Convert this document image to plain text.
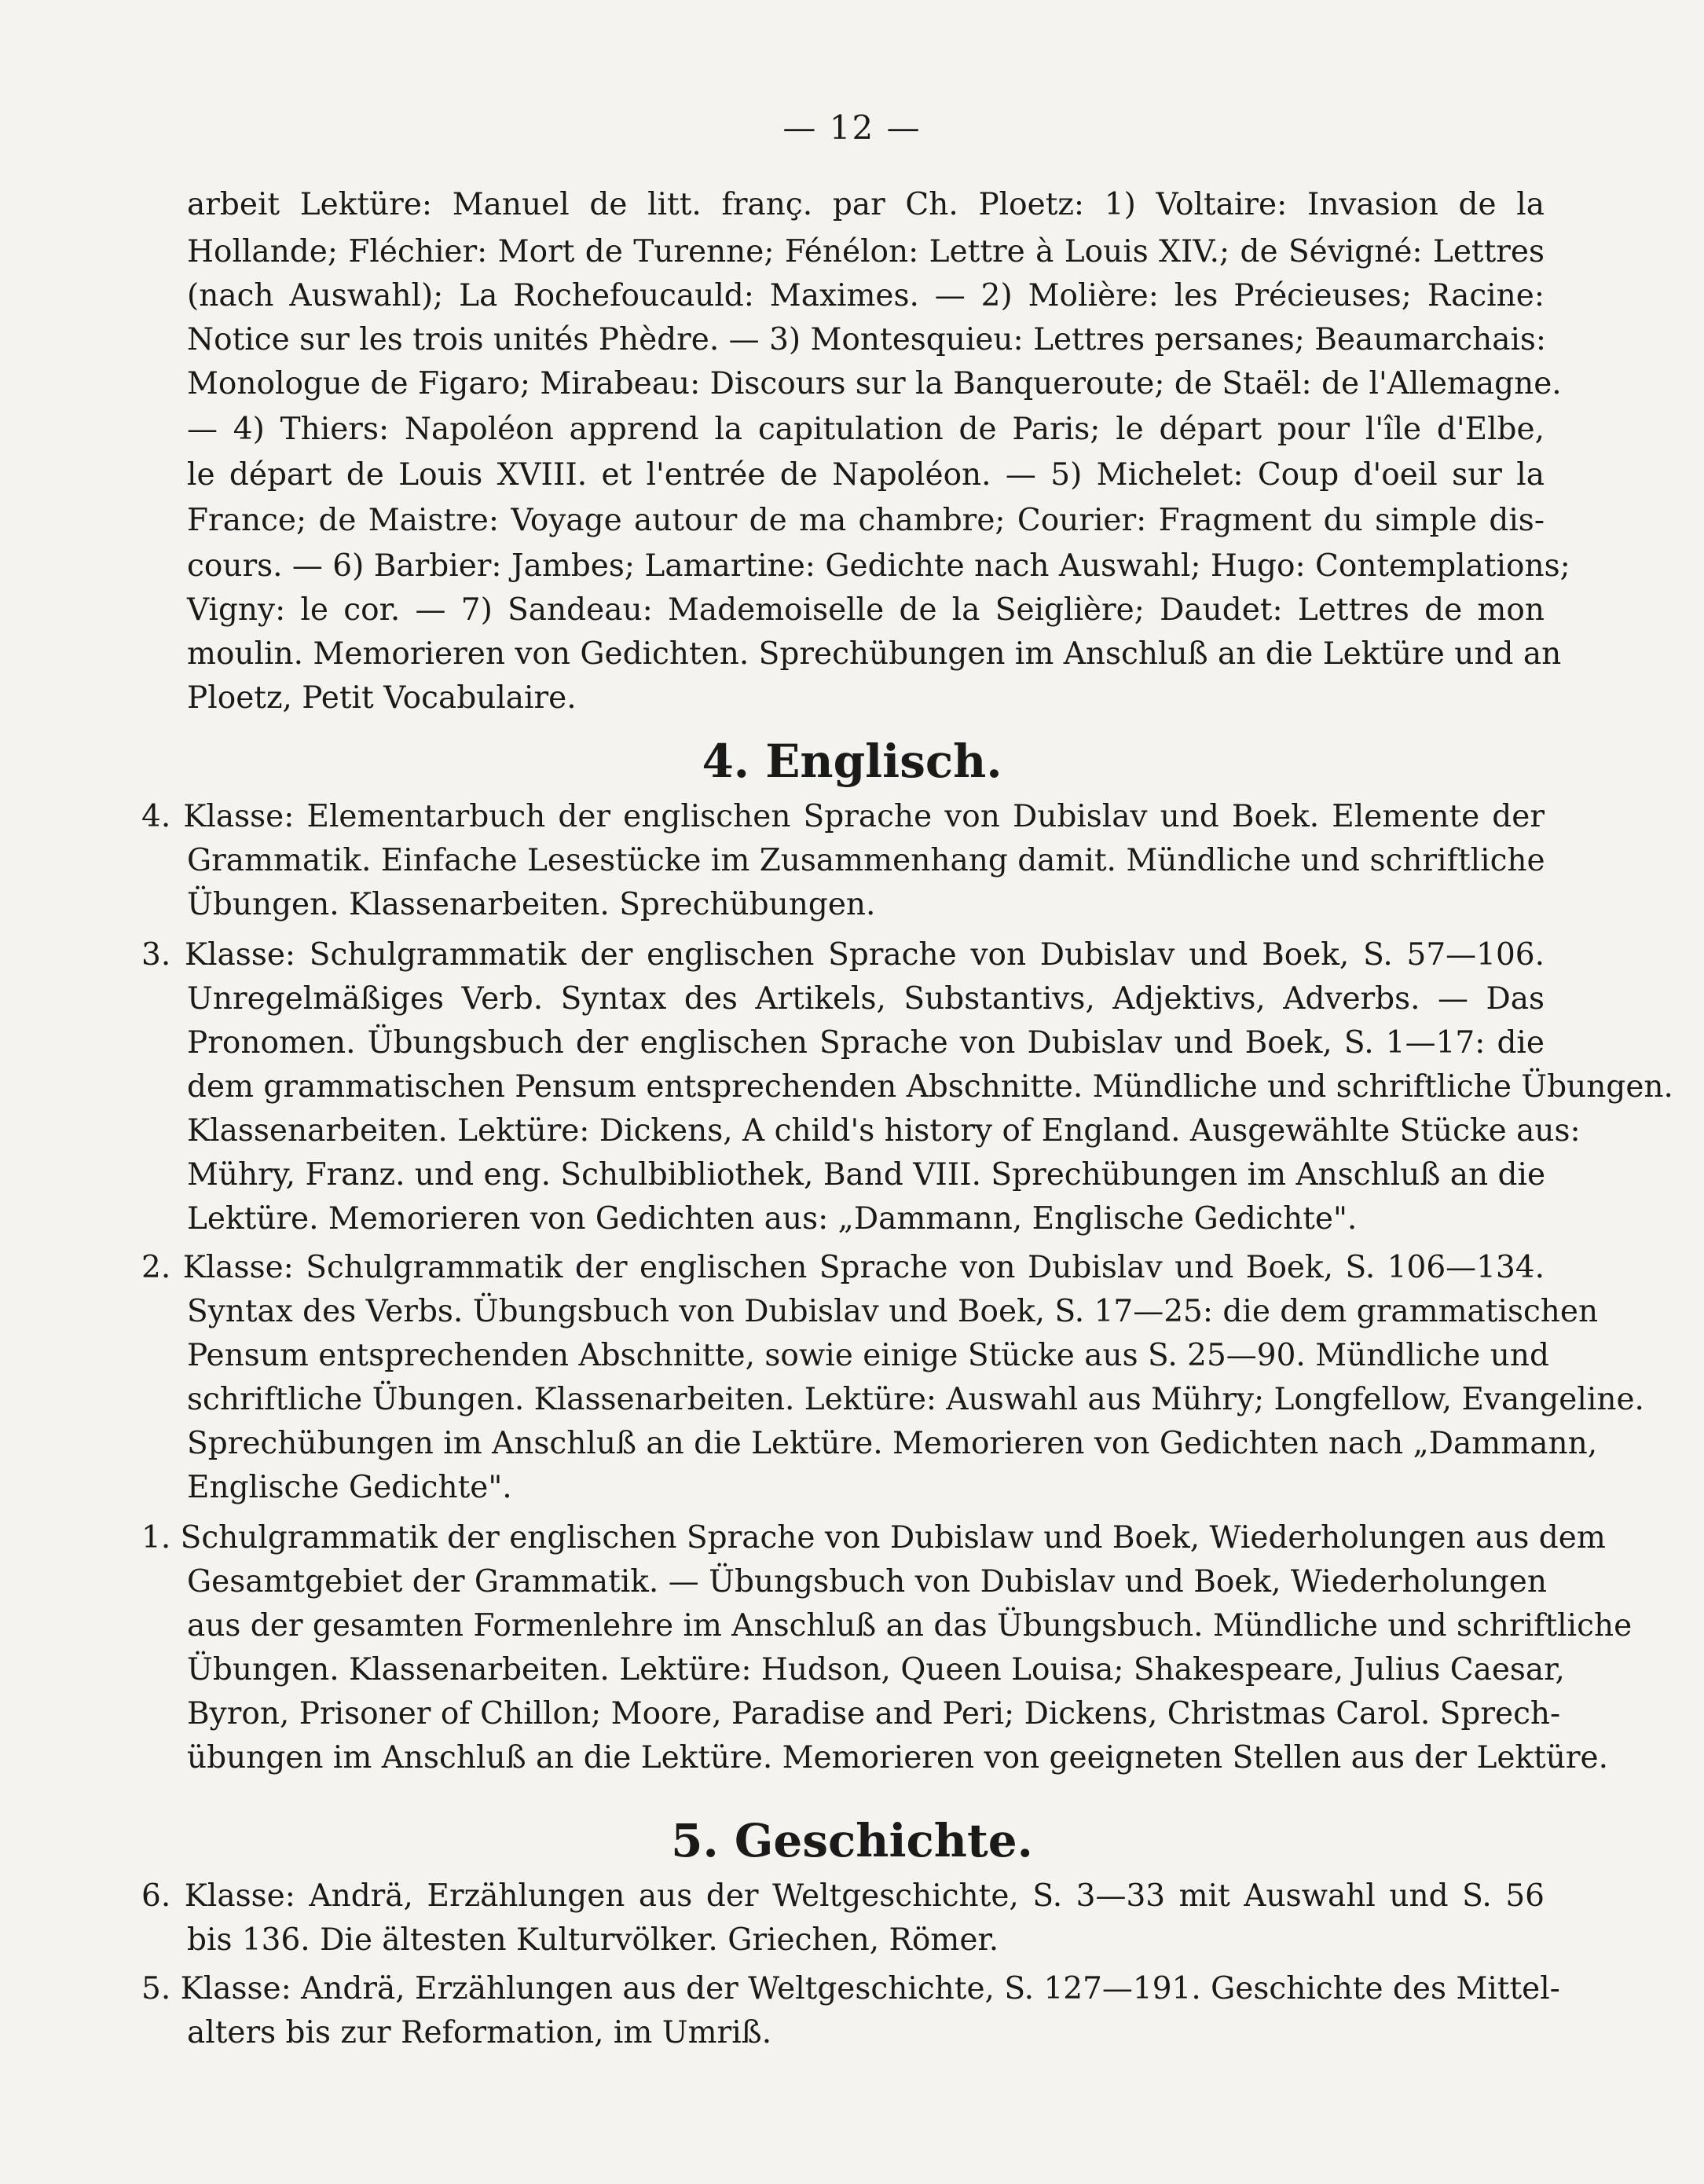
— 12 —
arbeit Lektüre: Manuel de litt. franç. par Ch. Ploetz: 1) Voltaire: Invasion de la
Hollande; Fléchier: Mort de Turenne; Fénélon: Lettre à Louis XIV.; de Sévigné: Lettres
(nach Auswahl); La Rochefoucauld: Maximes. — 2) Molière: les Précieuses; Racine:
Notice sur les trois unités Phèdre. — 3) Montesquieu: Lettres persanes; Beaumarchais:
Monologue de Figaro; Mirabeau: Discours sur la Banqueroute; de Staël: de l'Allemagne.
— 4) Thiers: Napoléon apprend la capitulation de Paris; le départ pour l'île d'Elbe,
le départ de Louis XVIII. et l'entrée de Napoléon. — 5) Michelet: Coup d'oeil sur la
France; de Maistre: Voyage autour de ma chambre; Courier: Fragment du simple dis-
cours. — 6) Barbier: Jambes; Lamartine: Gedichte nach Auswahl; Hugo: Contemplations;
Vigny: le cor. — 7) Sandeau: Mademoiselle de la Seiglière; Daudet: Lettres de mon
moulin. Memorieren von Gedichten. Sprechübungen im Anschluß an die Lektüre und an
Ploetz, Petit Vocabulaire.
4. Englisch.
4. Klasse: Elementarbuch der englischen Sprache von Dubislav und Boek. Elemente der
Grammatik. Einfache Lesestücke im Zusammenhang damit. Mündliche und schriftliche
Übungen. Klassenarbeiten. Sprechübungen.
3. Klasse: Schulgrammatik der englischen Sprache von Dubislav und Boek, S. 57—106.
Unregelmäßiges Verb. Syntax des Artikels, Substantivs, Adjektivs, Adverbs. — Das
Pronomen. Übungsbuch der englischen Sprache von Dubislav und Boek, S. 1—17: die
dem grammatischen Pensum entsprechenden Abschnitte. Mündliche und schriftliche Übungen.
Klassenarbeiten. Lektüre: Dickens, A child's history of England. Ausgewählte Stücke aus:
Mühry, Franz. und eng. Schulbibliothek, Band VIII. Sprechübungen im Anschluß an die
Lektüre. Memorieren von Gedichten aus: „Dammann, Englische Gedichte".
2. Klasse: Schulgrammatik der englischen Sprache von Dubislav und Boek, S. 106—134.
Syntax des Verbs. Übungsbuch von Dubislav und Boek, S. 17—25: die dem grammatischen
Pensum entsprechenden Abschnitte, sowie einige Stücke aus S. 25—90. Mündliche und
schriftliche Übungen. Klassenarbeiten. Lektüre: Auswahl aus Mühry; Longfellow, Evangeline.
Sprechübungen im Anschluß an die Lektüre. Memorieren von Gedichten nach „Dammann,
Englische Gedichte".
1. Schulgrammatik der englischen Sprache von Dubislaw und Boek, Wiederholungen aus dem
Gesamtgebiet der Grammatik. — Übungsbuch von Dubislav und Boek, Wiederholungen
aus der gesamten Formenlehre im Anschluß an das Übungsbuch. Mündliche und schriftliche
Übungen. Klassenarbeiten. Lektüre: Hudson, Queen Louisa; Shakespeare, Julius Caesar,
Byron, Prisoner of Chillon; Moore, Paradise and Peri; Dickens, Christmas Carol. Sprech-
übungen im Anschluß an die Lektüre. Memorieren von geeigneten Stellen aus der Lektüre.
5. Geschichte.
6. Klasse: Andrä, Erzählungen aus der Weltgeschichte, S. 3—33 mit Auswahl und S. 56
bis 136. Die ältesten Kulturvölker. Griechen, Römer.
5. Klasse: Andrä, Erzählungen aus der Weltgeschichte, S. 127—191. Geschichte des Mittel-
alters bis zur Reformation, im Umriß.
